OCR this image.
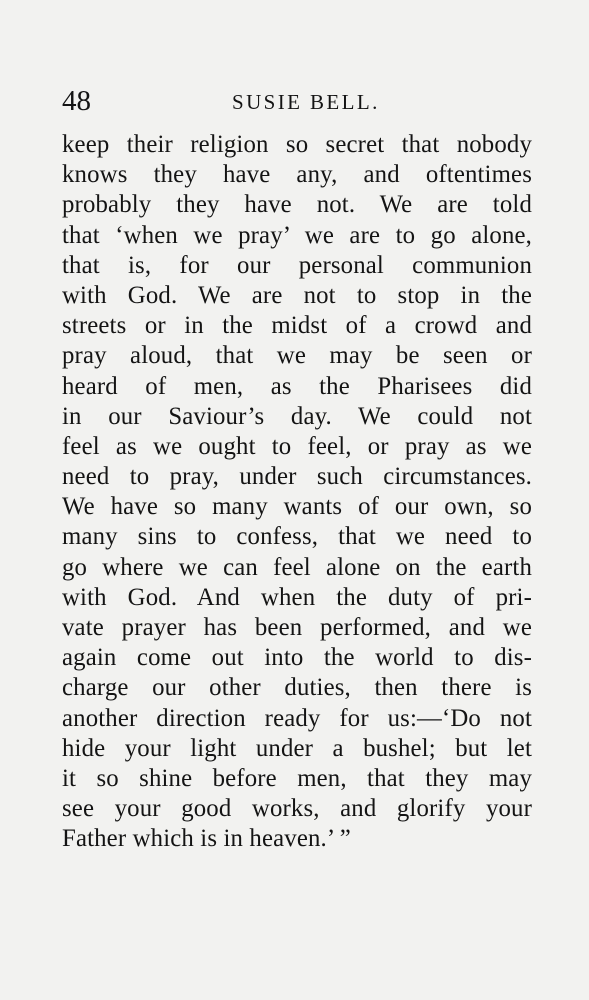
48	SUSIE BELL.
keep their religion so secret that nobody
knows they have any, and oftentimes
probably they have not. We are told
that ‘when we pray’ we are to go alone,
that is, for our personal communion
with God. We are not to stop in the
streets or in the midst of a crowd and
pray aloud, that we may be seen or
heard of men, as the Pharisees did
in our Saviour’s day. We could not
feel as we ought to feel, or pray as we
need to pray, under such circumstances.
We have so many wants of our own, so
many sins to confess, that we need to
go where we can feel alone on the earth
with God. And when the duty of pri-
vate prayer has been performed, and we
again come out into the world to dis-
charge our other duties, then there is
another direction ready for us:—‘Do not
hide your light under a bushel; but let
it so shine before men, that they may
see your good works, and glorify your
Father which is in heaven.’ ”
